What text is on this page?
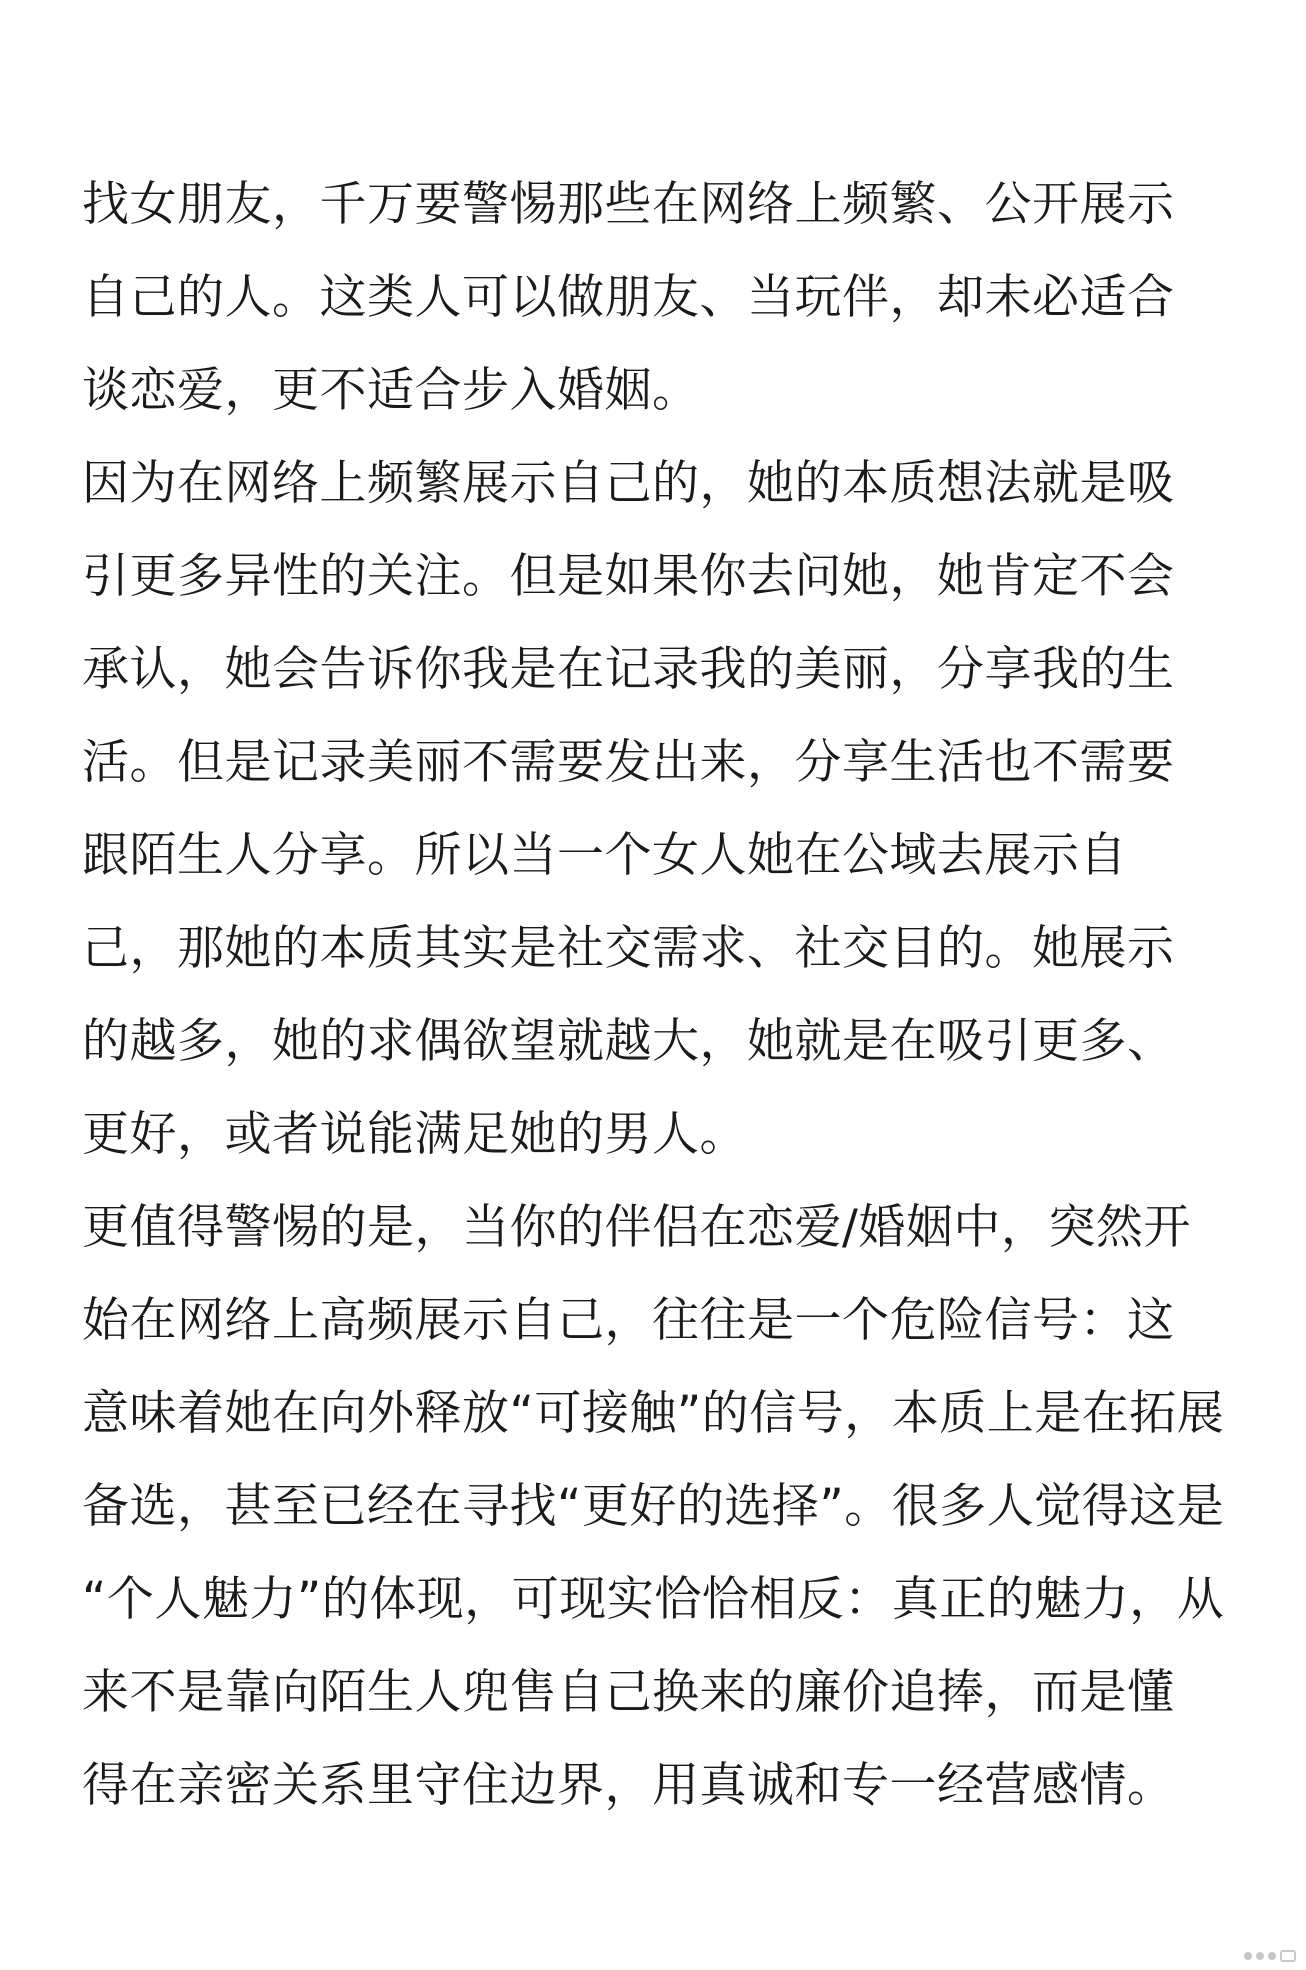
找女朋友，千万要警惕那些在网络上频繁、公开展示
自己的人。这类人可以做朋友、当玩伴，却未必适合
谈恋爱，更不适合步入婚姻。
因为在网络上频繁展示自己的，她的本质想法就是吸
引更多异性的关注。但是如果你去问她，她肯定不会
承认，她会告诉你我是在记录我的美丽，分享我的生
活。但是记录美丽不需要发出来，分享生活也不需要
跟陌生人分享。所以当一个女人她在公域去展示自
己，那她的本质其实是社交需求、社交目的。她展示
的越多，她的求偶欲望就越大，她就是在吸引更多、
更好，或者说能满足她的男人。
更值得警惕的是，当你的伴侣在恋爱/婚姻中，突然开
始在网络上高频展示自己，往往是一个危险信号：这
意味着她在向外释放“可接触”的信号，本质上是在拓展
备选，甚至已经在寻找“更好的选择”。很多人觉得这是
“个人魅力”的体现，可现实恰恰相反：真正的魅力，从
来不是靠向陌生人兜售自己换来的廉价追捧，而是懂
得在亲密关系里守住边界，用真诚和专一经营感情。
